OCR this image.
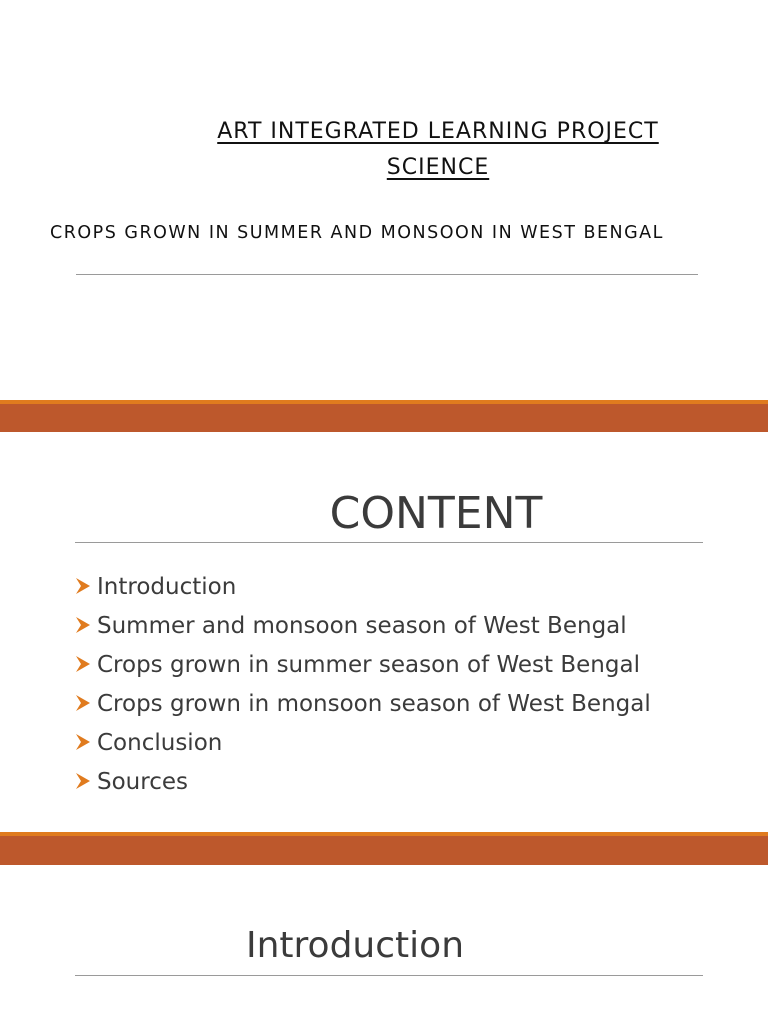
ART INTEGRATED LEARNING PROJECT
SCIENCE

CROPS GROWN IN SUMMER AND MONSOON IN WEST BENGAL

CONTENT
Introduction
Summer and monsoon season of West Bengal
Crops grown in summer season of West Bengal
Crops grown in monsoon season of West Bengal
Conclusion
Sources
Introduction
